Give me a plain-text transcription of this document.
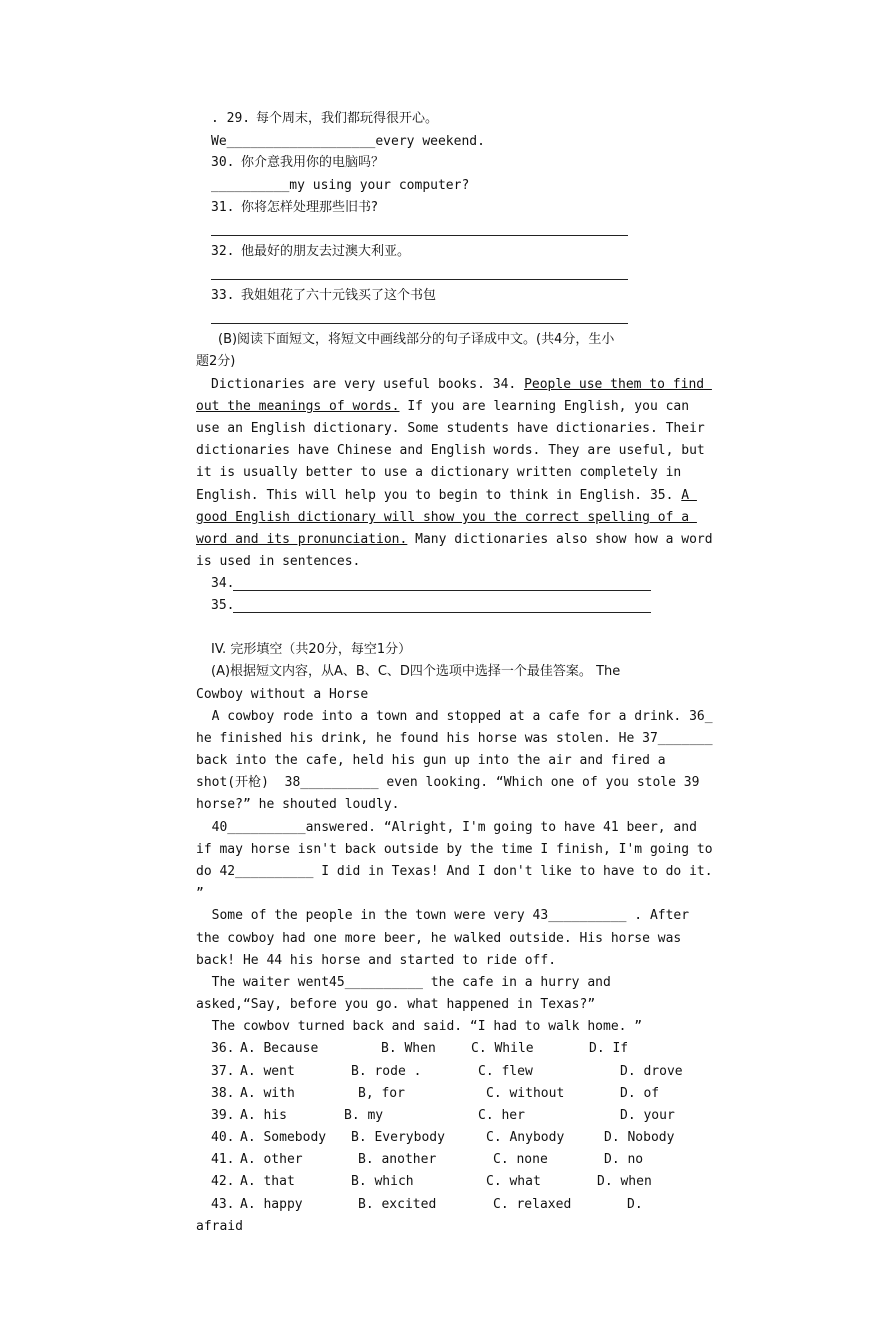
. 29. 每个周末，我们都玩得很开心。
We___________________every weekend.
30. 你介意我用你的电脑吗？
__________my using your computer?
31. 你将怎样处理那些旧书?
32. 他最好的朋友去过澳大利亚。
33. 我姐姐花了六十元钱买了这个书包
(B)阅读下面短文，将短文中画线部分的句子译成中文。(共4分，生小
题2分)
Dictionaries are very useful books. 34. People use them to find
out the meanings of words. If you are learning English, you can
use an English dictionary. Some students have dictionaries. Their
dictionaries have Chinese and English words. They are useful, but
it is usually better to use a dictionary written completely in
English. This will help you to begin to think in English. 35. A
good English dictionary will show you the correct spelling of a
word and its pronunciation. Many dictionaries also show how a word
is used in sentences.
34.
35.
IV. 完形填空（共20分，每空1分）
(A)根据短文内容，从A、B、C、D四个选项中选择一个最佳答案。 The
Cowboy without a Horse
A cowboy rode into a town and stopped at a cafe for a drink. 36_
he finished his drink, he found his horse was stolen. He 37_______
back into the cafe, held his gun up into the air and fired a
shot(开枪)  38__________ even looking. “Which one of you stole 39
horse?” he shouted loudly.
40__________answered. “Alright, I'm going to have 41 beer, and
if may horse isn't back outside by the time I finish, I'm going to
do 42__________ I did in Texas! And I don't like to have to do it.
”
Some of the people in the town were very 43__________ . After
the cowboy had one more beer, he walked outside. His horse was
back! He 44 his horse and started to ride off.
The waiter went45__________ the cafe in a hurry and
asked,“Say, before you go. what happened in Texas?”
The cowbov turned back and said. “I had to walk home. ”
36. A. Because	B. When	C. While	D. If
37. A. went	B. rode .	C. flew	D. drove
38. A. with	B, for	C. without	D. of
39. A. his	B. my	C. her	D. your
40. A. Somebody B. Everybody	C. Anybody	D. Nobody
41. A. other	B. another	C. none	D. no
42. A. that	B. which	C. what	D. when
43. A. happy	B. excited	C. relaxed	D.
afraid
